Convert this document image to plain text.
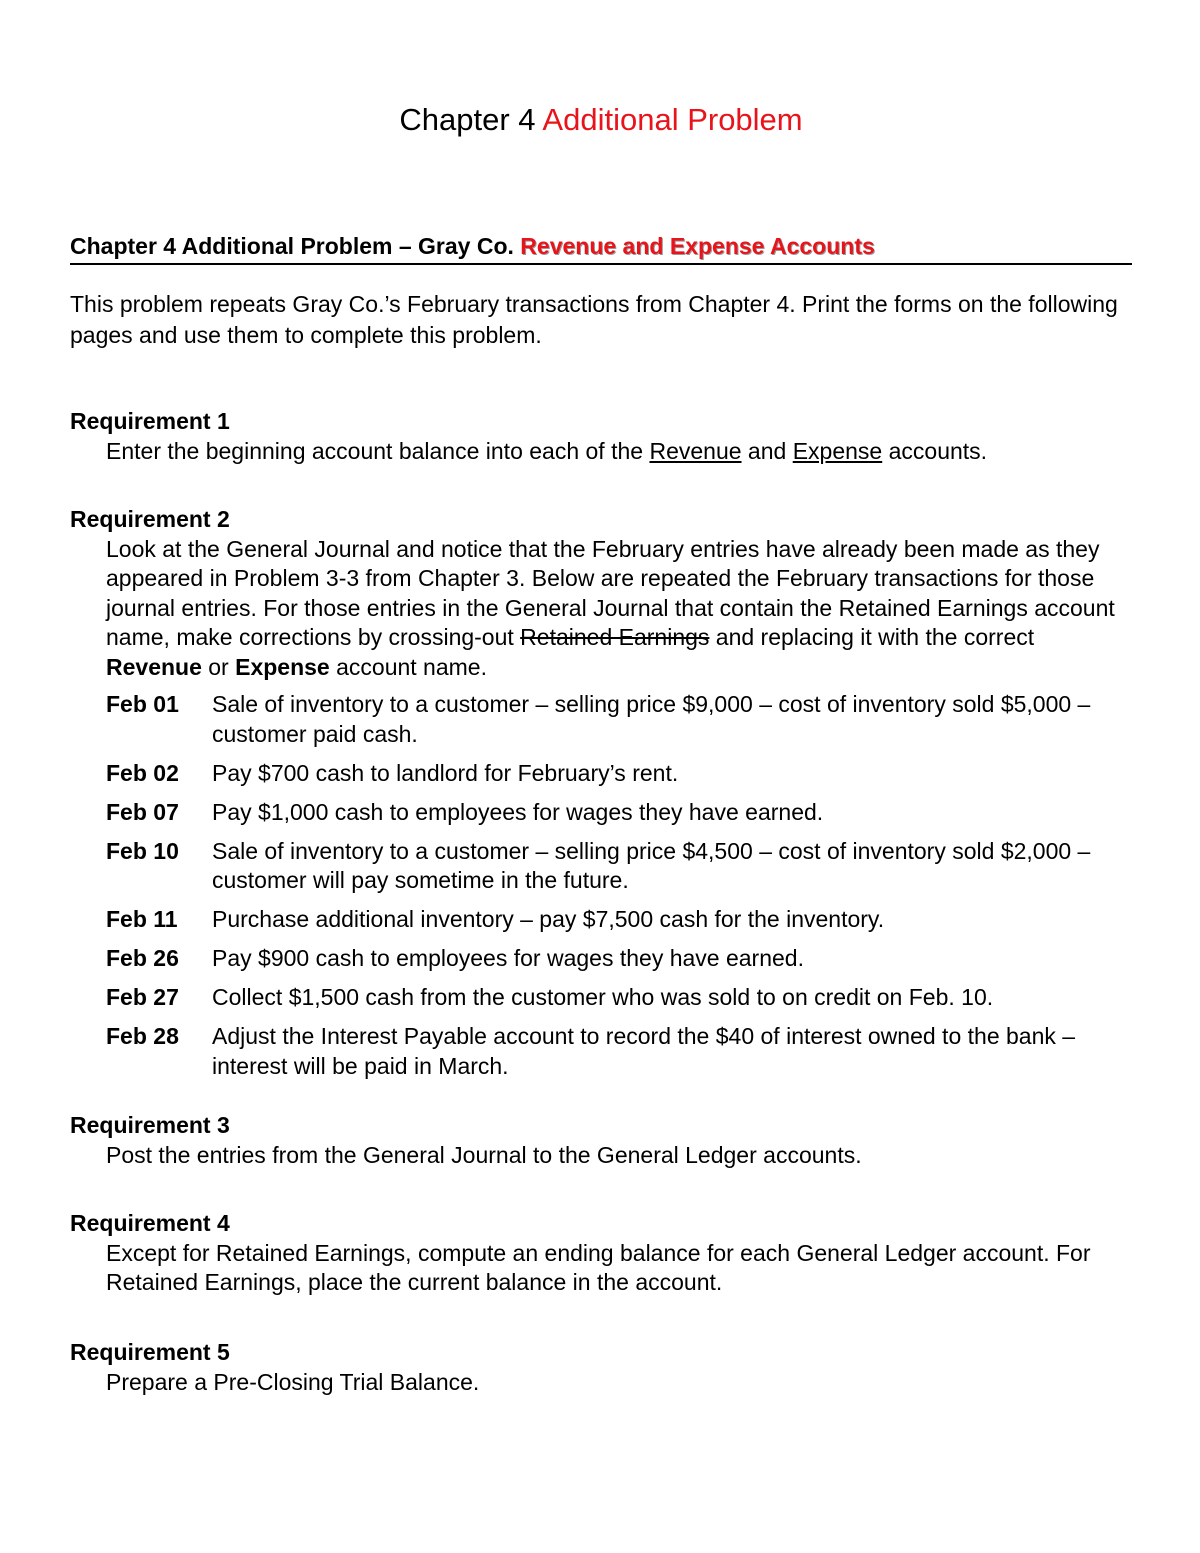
Chapter 4 Additional Problem
Chapter 4 Additional Problem – Gray Co. Revenue and Expense Accounts
This problem repeats Gray Co.’s February transactions from Chapter 4. Print the forms on the following pages and use them to complete this problem.
Requirement 1
Enter the beginning account balance into each of the Revenue and Expense accounts.
Requirement 2
Look at the General Journal and notice that the February entries have already been made as they appeared in Problem 3-3 from Chapter 3. Below are repeated the February transactions for those journal entries. For those entries in the General Journal that contain the Retained Earnings account name, make corrections by crossing-out Retained Earnings and replacing it with the correct Revenue or Expense account name.
Feb 01	Sale of inventory to a customer – selling price $9,000 – cost of inventory sold $5,000 – customer paid cash.
Feb 02	Pay $700 cash to landlord for February’s rent.
Feb 07	Pay $1,000 cash to employees for wages they have earned.
Feb 10	Sale of inventory to a customer – selling price $4,500 – cost of inventory sold $2,000 – customer will pay sometime in the future.
Feb 11	Purchase additional inventory – pay $7,500 cash for the inventory.
Feb 26	Pay $900 cash to employees for wages they have earned.
Feb 27	Collect $1,500 cash from the customer who was sold to on credit on Feb. 10.
Feb 28	Adjust the Interest Payable account to record the $40 of interest owned to the bank – interest will be paid in March.
Requirement 3
Post the entries from the General Journal to the General Ledger accounts.
Requirement 4
Except for Retained Earnings, compute an ending balance for each General Ledger account. For Retained Earnings, place the current balance in the account.
Requirement 5
Prepare a Pre-Closing Trial Balance.
